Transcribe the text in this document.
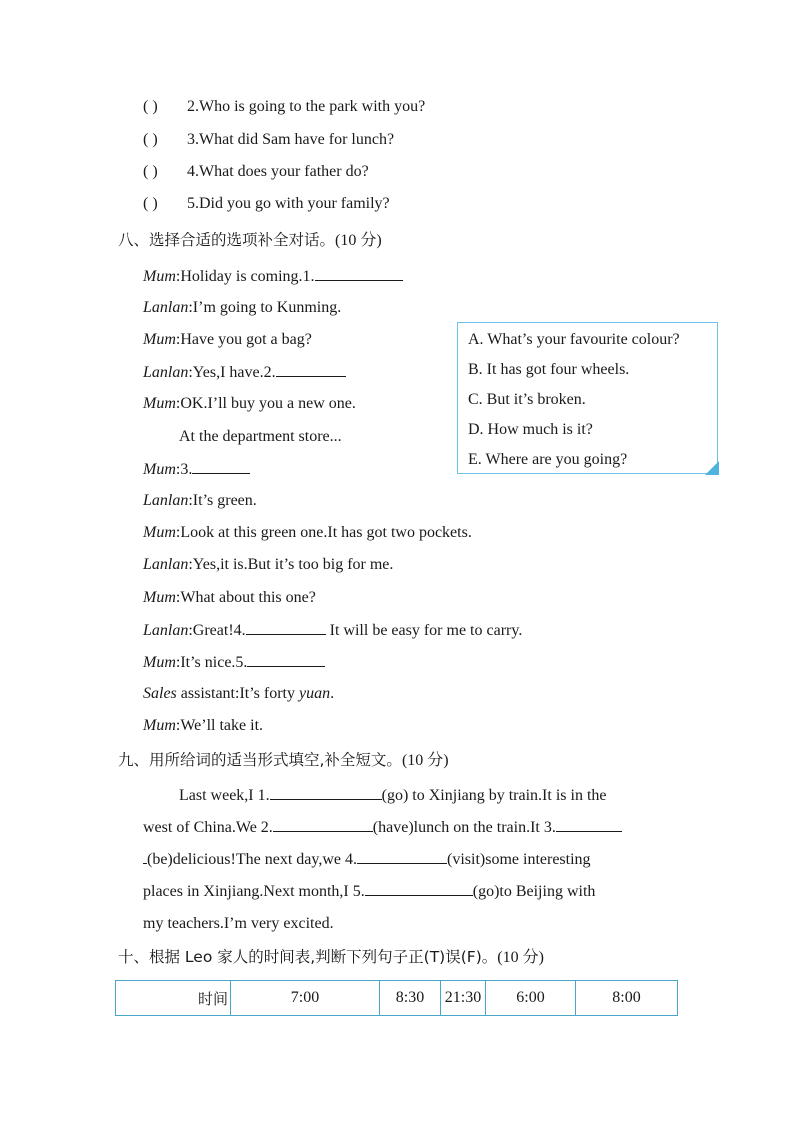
( ) 2.Who is going to the park with you?
( ) 3.What did Sam have for lunch?
( ) 4.What does your father do?
( ) 5.Did you go with your family?
八、选择合适的选项补全对话。(10 分)
Mum:Holiday is coming.1.
Lanlan:I’m going to Kunming.
Mum:Have you got a bag?
Lanlan:Yes,I have.2.
Mum:OK.I’ll buy you a new one.
At the department store...
Mum:3.
Lanlan:It’s green.
Mum:Look at this green one.It has got two pockets.
Lanlan:Yes,it is.But it’s too big for me.
Mum:What about this one?
Lanlan:Great!4.	It will be easy for me to carry.
Mum:It’s nice.5.
Sales assistant:It’s forty yuan.
Mum:We’ll take it.
A. What’s your favourite colour?
B. It has got four wheels.
C. But it’s broken.
D. How much is it?
E. Where are you going?
九、用所给词的适当形式填空,补全短文。(10 分)
Last week,I 1.	(go) to Xinjiang by train.It is in the
west of China.We 2.	(have)lunch on the train.It 3.
(be)delicious!The next day,we 4.	(visit)some interesting
places in Xinjiang.Next month,I 5.	(go)to Beijing with
my teachers.I’m very excited.
十、根据 Leo 家人的时间表,判断下列句子正(T)误(F)。(10 分)
时间	7:00	8:30	21:30	6:00	8:00
